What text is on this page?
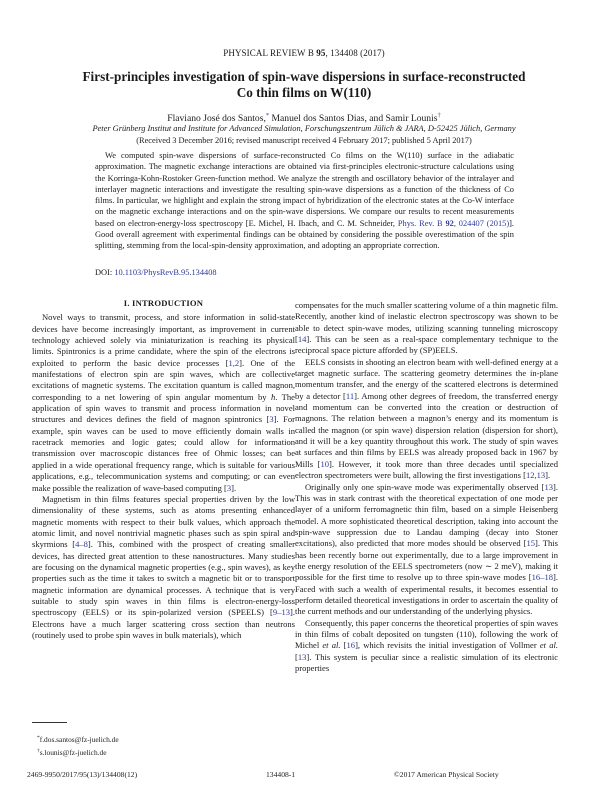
PHYSICAL REVIEW B 95, 134408 (2017)
First-principles investigation of spin-wave dispersions in surface-reconstructed
Co thin films on W(110)
Flaviano José dos Santos,* Manuel dos Santos Dias, and Samir Lounis†
Peter Grünberg Institut and Institute for Advanced Simulation, Forschungszentrum Jülich & JARA, D-52425 Jülich, Germany
(Received 3 December 2016; revised manuscript received 4 February 2017; published 5 April 2017)
We computed spin-wave dispersions of surface-reconstructed Co films on the W(110) surface in the adiabatic approximation. The magnetic exchange interactions are obtained via first-principles electronic-structure calculations using the Korringa-Kohn-Rostoker Green-function method. We analyze the strength and oscillatory behavior of the intralayer and interlayer magnetic interactions and investigate the resulting spin-wave dispersions as a function of the thickness of Co films. In particular, we highlight and explain the strong impact of hybridization of the electronic states at the Co-W interface on the magnetic exchange interactions and on the spin-wave dispersions. We compare our results to recent measurements based on electron-energy-loss spectroscopy [E. Michel, H. Ibach, and C. M. Schneider, Phys. Rev. B 92, 024407 (2015)]. Good overall agreement with experimental findings can be obtained by considering the possible overestimation of the spin splitting, stemming from the local-spin-density approximation, and adopting an appropriate correction.
DOI: 10.1103/PhysRevB.95.134408
I. INTRODUCTION

Novel ways to transmit, process, and store information in solid-state devices have become increasingly important, as improvement in current technology achieved solely via miniaturization is reaching its physical limits. Spintronics is a prime candidate, where the spin of the electrons is exploited to perform the basic device processes [1,2]. One of the manifestations of electron spin are spin waves, which are collective excitations of magnetic systems. The excitation quantum is called magnon, corresponding to a net lowering of spin angular momentum by ħ. The application of spin waves to transmit and process information in novel structures and devices defines the field of magnon spintronics [3]. For example, spin waves can be used to move efficiently domain walls in racetrack memories and logic gates; could allow for information transmission over macroscopic distances free of Ohmic losses; can be applied in a wide operational frequency range, which is suitable for various applications, e.g., telecommunication systems and computing; or can even make possible the realization of wave-based computing [3].

Magnetism in thin films features special properties driven by the low dimensionality of these systems, such as atoms presenting enhanced magnetic moments with respect to their bulk values, which approach the atomic limit, and novel nontrivial magnetic phases such as spin spiral and skyrmions [4–8]. This, combined with the prospect of creating smaller devices, has directed great attention to these nanostructures. Many studies are focusing on the dynamical magnetic properties (e.g., spin waves), as key properties such as the time it takes to switch a magnetic bit or to transport magnetic information are dynamical processes. A technique that is very suitable to study spin waves in thin films is electron-energy-loss spectroscopy (EELS) or its spin-polarized version (SPEELS) [9–13]. Electrons have a much larger scattering cross section than neutrons (routinely used to probe spin waves in bulk materials), which

compensates for the much smaller scattering volume of a thin magnetic film. Recently, another kind of inelastic electron spectroscopy was shown to be able to detect spin-wave modes, utilizing scanning tunneling microscopy [14]. This can be seen as a real-space complementary technique to the reciprocal space picture afforded by (SP)EELS.

EELS consists in shooting an electron beam with well-defined energy at a target magnetic surface. The scattering geometry determines the in-plane momentum transfer, and the energy of the scattered electrons is determined by a detector [11]. Among other degrees of freedom, the transferred energy and momentum can be converted into the creation or destruction of magnons. The relation between a magnon’s energy and its momentum is called the magnon (or spin wave) dispersion relation (dispersion for short), and it will be a key quantity throughout this work. The study of spin waves at surfaces and thin films by EELS was already proposed back in 1967 by Mills [10]. However, it took more than three decades until specialized electron spectrometers were built, allowing the first investigations [12,13].

Originally only one spin-wave mode was experimentally observed [13]. This was in stark contrast with the theoretical expectation of one mode per layer of a uniform ferromagnetic thin film, based on a simple Heisenberg model. A more sophisticated theoretical description, taking into account the spin-wave suppression due to Landau damping (decay into Stoner excitations), also predicted that more modes should be observed [15]. This has been recently borne out experimentally, due to a large improvement in the energy resolution of the EELS spectrometers (now ∼ 2 meV), making it possible for the first time to resolve up to three spin-wave modes [16–18]. Faced with such a wealth of experimental results, it becomes essential to perform detailed theoretical investigations in order to ascertain the quality of the current methods and our understanding of the underlying physics.

Consequently, this paper concerns the theoretical properties of spin waves in thin films of cobalt deposited on tungsten (110), following the work of Michel et al. [16], which revisits the initial investigation of Vollmer et al. [13]. This system is peculiar since a realistic simulation of its electronic properties

*f.dos.santos@fz-juelich.de
†s.lounis@fz-juelich.de
2469-9950/2017/95(13)/134408(12)	134408-1	©2017 American Physical Society
